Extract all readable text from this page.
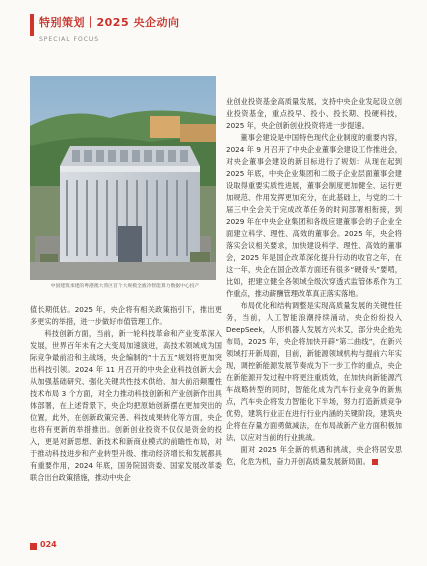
特别策划｜2025 央企动向
SPECIAL FOCUS
中国建筑承建的粤港澳大湾区首个大规模全液冷智能算力数据中心投产

值长期低估。2025 年，央企将有相关政策指引下，推出更多更实的举措，进一步做好市值管理工作。

科技创新方面，当前，新一轮科技革命和产业变革深入发展，世界百年未有之大变局加速演进，高技术领域成为国际竞争最前沿和主战场，央企编制的“十五五”规划将更加突出科技引领。2024 年 11 月召开的中央企业科技创新大会从加强基础研究、强化关键共性技术供给、加大前沿颠覆性技术布局 3 个方面，对全力推动科技创新和产业创新作出具体部署，在上述背景下，央企均把原始创新摆在更加突出的位置，此外，在创新政策完善、科技成果转化等方面，央企也将有更新的举措推出。创新创业投资不仅仅是资金的投入，更是对新思想、新技术和新商业模式的前瞻性布局，对于推动科技进步和产业转型升级、推动经济增长和发展都具有重要作用，2024 年底，国务院国资委、国家发展改革委联合出台政策措施，推动中央企

业创业投资基金高质量发展，支持中央企业发起设立创业投资基金，重点投早、投小、投长期、投硬科技，2025 年，央企创新创业投资将进一步提速。

董事会建设是中国特色现代企业制度的重要内容，2024 年 9 月召开了中央企业董事会建设工作推进会，对央企董事会建设的新目标进行了规划：从现在起到 2025 年底，中央企业集团和二级子企业层面董事会建设取得重要实质性进展，董事会制度更加健全、运行更加规范、作用发挥更加充分，在此基础上，与党的二十届三中全会关于完成改革任务的时间部署相衔接，到 2029 年在中央企业集团和各级应建董事会的子企业全面建立科学、理性、高效的董事会。2025 年，央企将落实会议相关要求，加快建设科学、理性、高效的董事会，2025 年是国企改革深化提升行动的收官之年，在这一年，央企在国企改革方面还有很多“硬骨头”要啃，比如，把建立健全各领域全级次穿透式监管体系作为工作重点，推动薪酬管理改革真正落实落地。

布局优化和结构调整是实现高质量发展的关键性任务，当前，人工智能浪潮持续涌动，央企纷纷投入 DeepSeek，人形机器人发展方兴未艾，部分央企抢先布局，2025 年，央企将加快开辟“第二曲线”，在新兴领域打开新局面，目前，新能源领域机构与提前六年实现，调控新能源发展节奏成为下一步工作的重点，央企在新能源开发过程中将更注重质效，在加快向新能源汽车战略转型的同时，智能化成为汽车行业竞争的新焦点，汽车央企将发力智能化下半场，努力打造新质竞争优势，建筑行业正在进行行业内涵的关键阶段，建筑央企将在存量方面勇做减法，在布局战新产业方面积极加法，以应对当前的行业挑战。

面对 2025 年全新的机遇和挑战，央企将居安思危，化危为机，奋力开创高质量发展新局面。

024
